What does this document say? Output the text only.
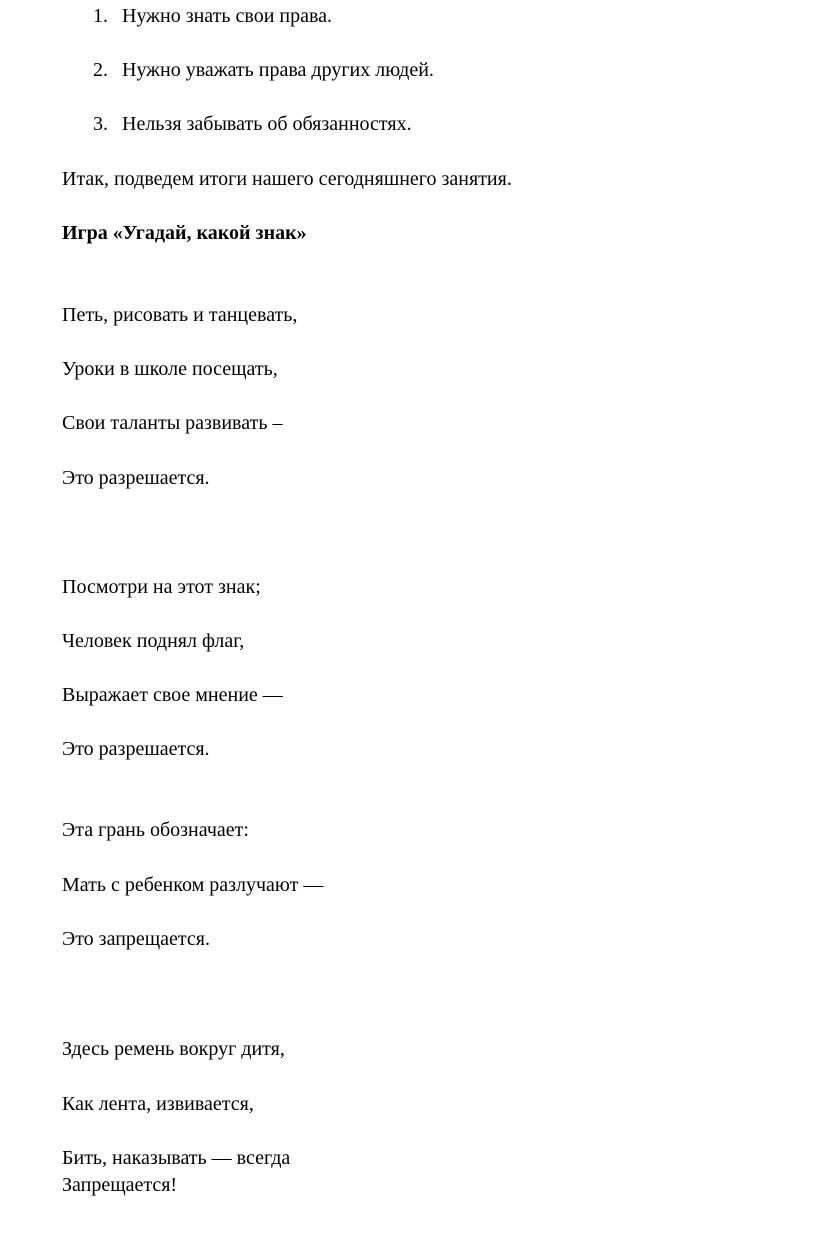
1. Нужно знать свои права.
2. Нужно уважать права других людей.
3. Нельзя забывать об обязанностях.
Итак, подведем итоги нашего сегодняшнего занятия.
Игра «Угадай, какой знак»
Петь, рисовать и танцевать,
Уроки в школе посещать,
Свои таланты развивать –
Это разрешается.
Посмотри на этот знак;
Человек поднял флаг,
Выражает свое мнение —
Это разрешается.
Эта грань обозначает:
Мать с ребенком разлучают —
Это запрещается.
Здесь ремень вокруг дитя,
Как лента, извивается,
Бить, наказывать — всегда
Запрещается!
